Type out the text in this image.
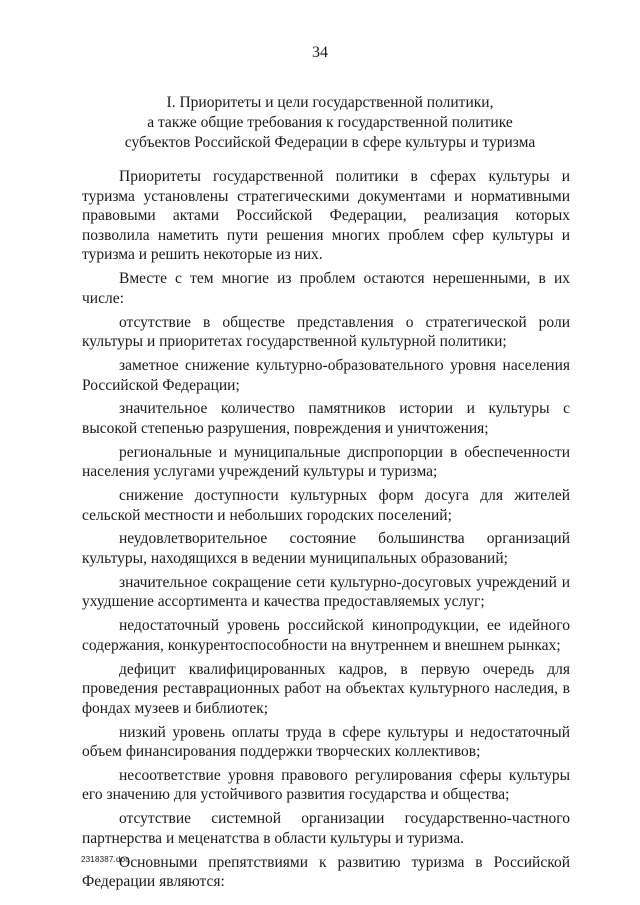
34
I. Приоритеты и цели государственной политики,
а также общие требования к государственной политике
субъектов Российской Федерации в сфере культуры и туризма

Приоритеты государственной политики в сферах культуры и туризма установлены стратегическими документами и нормативными правовыми актами Российской Федерации, реализация которых позволила наметить пути решения многих проблем сфер культуры и туризма и решить некоторые из них.

Вместе с тем многие из проблем остаются нерешенными, в их числе:

отсутствие в обществе представления о стратегической роли культуры и приоритетах государственной культурной политики;

заметное снижение культурно-образовательного уровня населения Российской Федерации;

значительное количество памятников истории и культуры с высокой степенью разрушения, повреждения и уничтожения;

региональные и муниципальные диспропорции в обеспеченности населения услугами учреждений культуры и туризма;

снижение доступности культурных форм досуга для жителей сельской местности и небольших городских поселений;

неудовлетворительное состояние большинства организаций культуры, находящихся в ведении муниципальных образований;

значительное сокращение сети культурно-досуговых учреждений и ухудшение ассортимента и качества предоставляемых услуг;

недостаточный уровень российской кинопродукции, ее идейного содержания, конкурентоспособности на внутреннем и внешнем рынках;

дефицит квалифицированных кадров, в первую очередь для проведения реставрационных работ на объектах культурного наследия, в фондах музеев и библиотек;

низкий уровень оплаты труда в сфере культуры и недостаточный объем финансирования поддержки творческих коллективов;

несоответствие уровня правового регулирования сферы культуры его значению для устойчивого развития государства и общества;

отсутствие системной организации государственно-частного партнерства и меценатства в области культуры и туризма.

Основными препятствиями к развитию туризма в Российской Федерации являются:

2318387.doc
